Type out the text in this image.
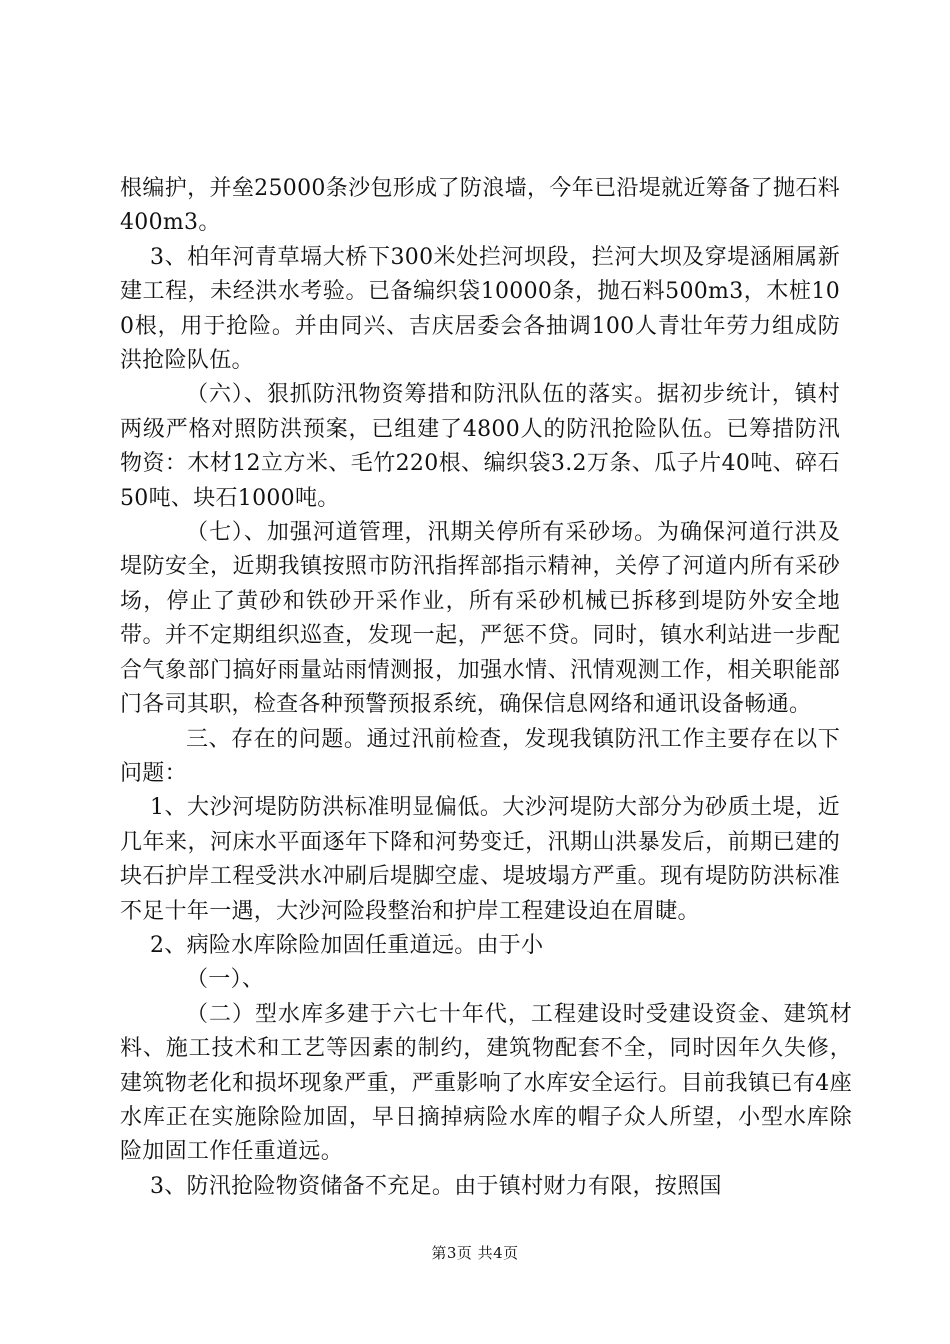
根编护，并垒25000条沙包形成了防浪墙，今年已沿堤就近筹备了抛石料400m3。

3、柏年河青草塥大桥下300米处拦河坝段，拦河大坝及穿堤涵厢属新建工程，未经洪水考验。已备编织袋10000条，抛石料500m3，木桩100根，用于抢险。并由同兴、吉庆居委会各抽调100人青壮年劳力组成防洪抢险队伍。

（六）、狠抓防汛物资筹措和防汛队伍的落实。据初步统计，镇村两级严格对照防洪预案，已组建了4800人的防汛抢险队伍。已筹措防汛物资：木材12立方米、毛竹220根、编织袋3.2万条、瓜子片40吨、碎石50吨、块石1000吨。

（七）、加强河道管理，汛期关停所有采砂场。为确保河道行洪及堤防安全，近期我镇按照市防汛指挥部指示精神，关停了河道内所有采砂场，停止了黄砂和铁砂开采作业，所有采砂机械已拆移到堤防外安全地带。并不定期组织巡查，发现一起，严惩不贷。同时，镇水利站进一步配合气象部门搞好雨量站雨情测报，加强水情、汛情观测工作，相关职能部门各司其职，检查各种预警预报系统，确保信息网络和通讯设备畅通。

三、存在的问题。通过汛前检查，发现我镇防汛工作主要存在以下问题：

1、大沙河堤防防洪标准明显偏低。大沙河堤防大部分为砂质土堤，近几年来，河床水平面逐年下降和河势变迁，汛期山洪暴发后，前期已建的块石护岸工程受洪水冲刷后堤脚空虚、堤坡塌方严重。现有堤防防洪标准不足十年一遇，大沙河险段整治和护岸工程建设迫在眉睫。

2、病险水库除险加固任重道远。由于小

（一）、

（二）型水库多建于六七十年代，工程建设时受建设资金、建筑材料、施工技术和工艺等因素的制约，建筑物配套不全，同时因年久失修，建筑物老化和损坏现象严重，严重影响了水库安全运行。目前我镇已有4座水库正在实施除险加固，早日摘掉病险水库的帽子众人所望，小型水库除险加固工作任重道远。

3、防汛抢险物资储备不充足。由于镇村财力有限，按照国

第3页 共4页
